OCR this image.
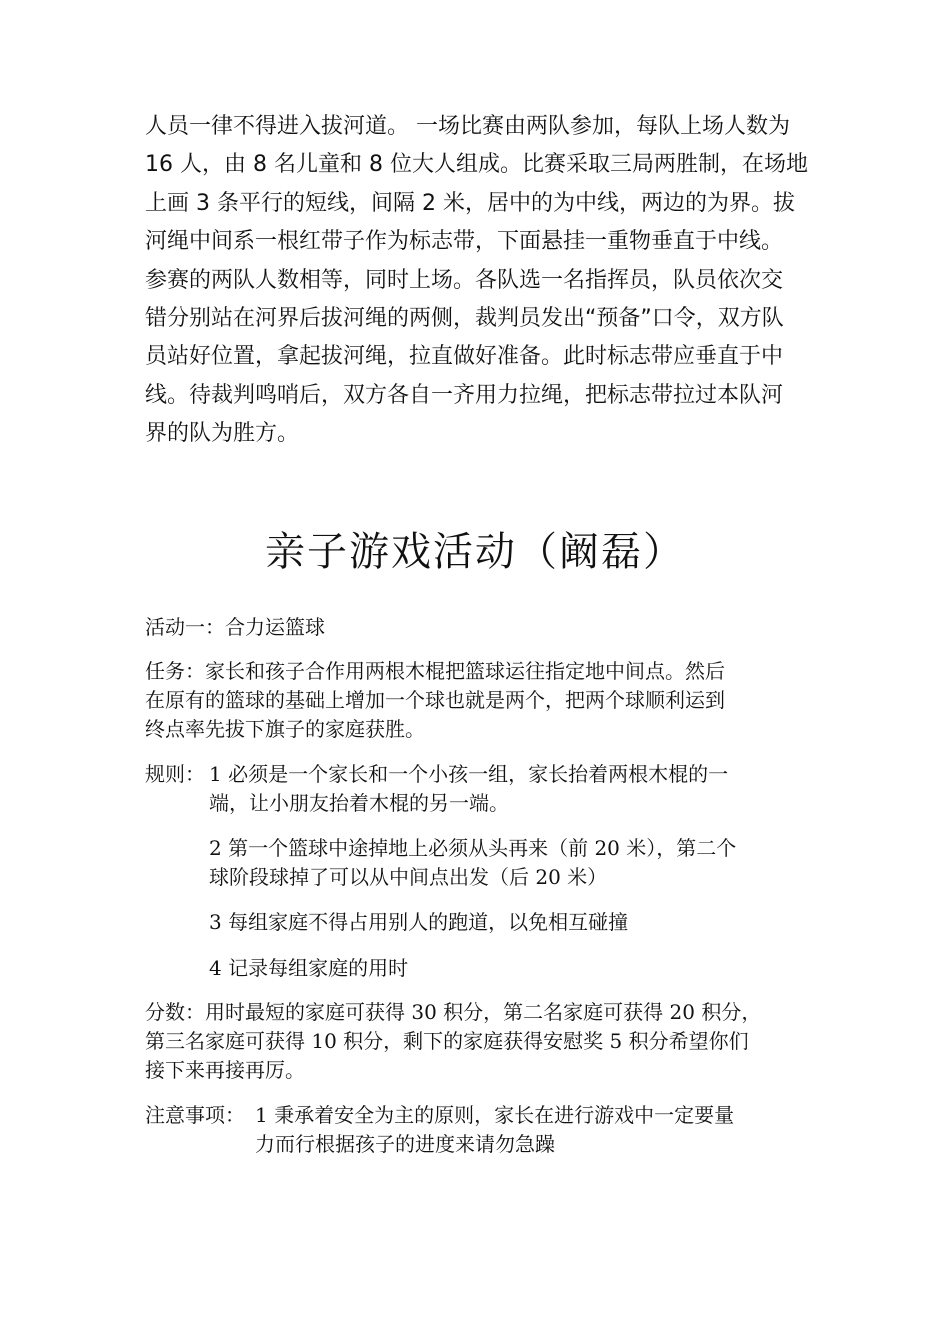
人员一律不得进入拔河道。 一场比赛由两队参加，每队上场人数为
16 人，由 8 名儿童和 8 位大人组成。比赛采取三局两胜制，在场地
上画 3 条平行的短线，间隔 2 米，居中的为中线，两边的为界。拔
河绳中间系一根红带子作为标志带，下面悬挂一重物垂直于中线。
参赛的两队人数相等，同时上场。各队选一名指挥员，队员依次交
错分别站在河界后拔河绳的两侧，裁判员发出“预备”口令，双方队
员站好位置，拿起拔河绳，拉直做好准备。此时标志带应垂直于中
线。待裁判鸣哨后，双方各自一齐用力拉绳，把标志带拉过本队河
界的队为胜方。
亲子游戏活动（阚磊）
活动一：合力运篮球
任务：家长和孩子合作用两根木棍把篮球运往指定地中间点。然后
在原有的篮球的基础上增加一个球也就是两个，把两个球顺利运到
终点率先拔下旗子的家庭获胜。
规则： 1 必须是一个家长和一个小孩一组，家长抬着两根木棍的一
端，让小朋友抬着木棍的另一端。
2 第一个篮球中途掉地上必须从头再来（前 20 米），第二个
球阶段球掉了可以从中间点出发（后 20 米）
3 每组家庭不得占用别人的跑道，以免相互碰撞
4 记录每组家庭的用时
分数：用时最短的家庭可获得 30 积分，第二名家庭可获得 20 积分，
第三名家庭可获得 10 积分，剩下的家庭获得安慰奖 5 积分希望你们
接下来再接再厉。
注意事项： 1 秉承着安全为主的原则，家长在进行游戏中一定要量
力而行根据孩子的进度来请勿急躁
